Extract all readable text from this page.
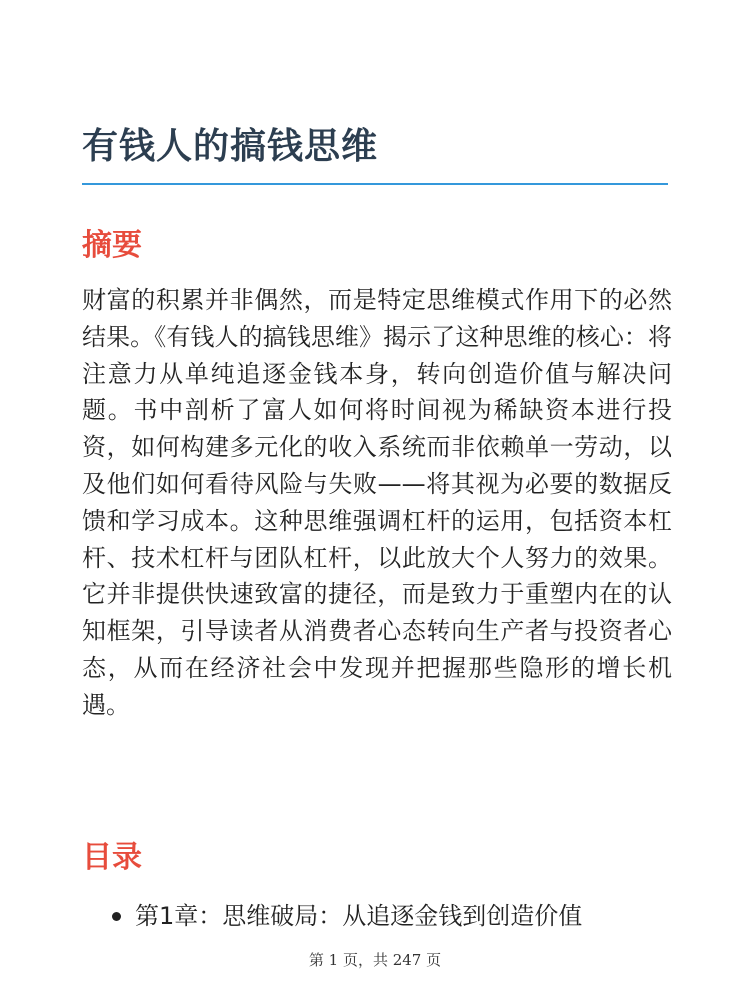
有钱人的搞钱思维
摘要

财富的积累并非偶然，而是特定思维模式作用下的必然结果。《有钱人的搞钱思维》揭示了这种思维的核心：将注意力从单纯追逐金钱本身，转向创造价值与解决问题。书中剖析了富人如何将时间视为稀缺资本进行投资，如何构建多元化的收入系统而非依赖单一劳动，以及他们如何看待风险与失败——将其视为必要的数据反馈和学习成本。这种思维强调杠杆的运用，包括资本杠杆、技术杠杆与团队杠杆，以此放大个人努力的效果。它并非提供快速致富的捷径，而是致力于重塑内在的认知框架，引导读者从消费者心态转向生产者与投资者心态，从而在经济社会中发现并把握那些隐形的增长机遇。

目录
第1章：思维破局：从追逐金钱到创造价值
第 1 页，共 247 页
